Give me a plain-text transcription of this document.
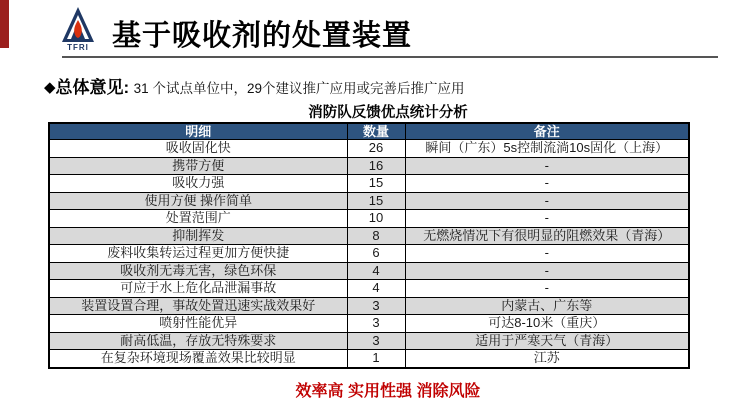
TFRI 基于吸收剂的处置装置
◆总体意见: 31 个试点单位中，29个建议推广应用或完善后推广应用
消防队反馈优点统计分析
明细	数量	备注
吸收固化快	26	瞬间（广东）5s控制流淌10s固化（上海）
携带方便	16	-
吸收力强	15	-
使用方便 操作简单	15	-
处置范围广	10	-
抑制挥发	8	无燃烧情况下有很明显的阻燃效果（青海）
废料收集转运过程更加方便快捷	6	-
吸收剂无毒无害，绿色环保	4	-
可应于水上危化品泄漏事故	4	-
装置设置合理，事故处置迅速实战效果好	3	内蒙古、广东等
喷射性能优异	3	可达8-10米（重庆）
耐高低温，存放无特殊要求	3	适用于严寒天气（青海）
在复杂环境现场覆盖效果比较明显	1	江苏
效率高 实用性强 消除风险
